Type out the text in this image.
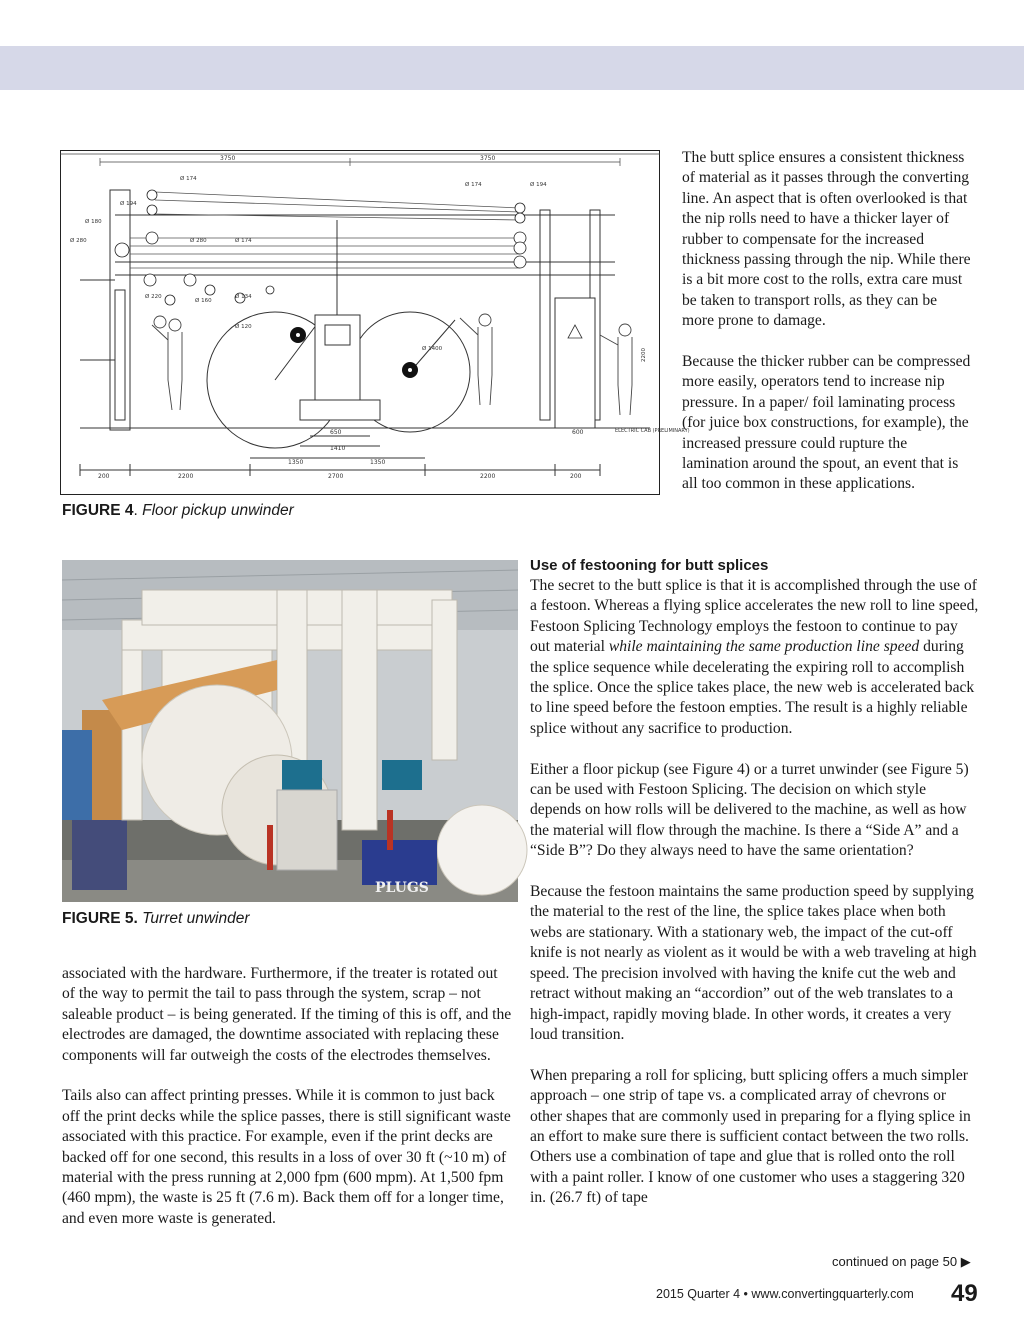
3750	3750
Ø 174
Ø 194
Ø 180
Ø 280
Ø 174	Ø 194
Ø 280	Ø 174
Ø 220
Ø 160
Ø 134
Ø 120
Ø 1400
ELECTRIC CAB (PRELIMINARY)
2200
200	2200	2700	2200	200
1350	1350
650
1410
600
FIGURE 4. Floor pickup unwinder

The butt splice ensures a consistent thickness of material as it passes through the converting line. An aspect that is often overlooked is that the nip rolls need to have a thicker layer of rubber to compensate for the increased thickness passing through the nip. While there is a bit more cost to the rolls, extra care must be taken to transport rolls, as they can be more prone to damage.

Because the thicker rubber can be compressed more easily, operators tend to increase nip pressure. In a paper/ foil laminating process (for juice box constructions, for example), the increased pressure could rupture the lamination around the spout, an event that is all too common in these applications.

PLUGS
FIGURE 5. Turret unwinder

Use of festooning for butt splices

The secret to the butt splice is that it is accomplished through the use of a festoon. Whereas a flying splice accelerates the new roll to line speed, Festoon Splicing Technology employs the festoon to continue to pay out material while maintaining the same production line speed during the splice sequence while decelerating the expiring roll to accomplish the splice. Once the splice takes place, the new web is accelerated back to line speed before the festoon empties. The result is a highly reliable splice without any sacrifice to production.

Either a floor pickup (see Figure 4) or a turret unwinder (see Figure 5) can be used with Festoon Splicing. The decision on which style depends on how rolls will be delivered to the machine, as well as how the material will flow through the machine. Is there a “Side A” and a “Side B”? Do they always need to have the same orientation?

Because the festoon maintains the same production speed by supplying the material to the rest of the line, the splice takes place when both webs are stationary. With a stationary web, the impact of the cut-off knife is not nearly as violent as it would be with a web traveling at high speed. The precision involved with having the knife cut the web and retract without making an “accordion” out of the web translates to a high-impact, rapidly moving blade. In other words, it creates a very loud transition.

When preparing a roll for splicing, butt splicing offers a much simpler approach – one strip of tape vs. a complicated array of chevrons or other shapes that are commonly used in preparing for a flying splice in an effort to make sure there is sufficient contact between the two rolls. Others use a combination of tape and glue that is rolled onto the roll with a paint roller. I know of one customer who uses a staggering 320 in. (26.7 ft) of tape

associated with the hardware. Furthermore, if the treater is rotated out of the way to permit the tail to pass through the system, scrap – not saleable product – is being generated. If the timing of this is off, and the electrodes are damaged, the downtime associated with replacing these components will far outweigh the costs of the electrodes themselves.

Tails also can affect printing presses. While it is common to just back off the print decks while the splice passes, there is still significant waste associated with this practice. For example, even if the print decks are backed off for one second, this results in a loss of over 30 ft (~10 m) of material with the press running at 2,000 fpm (600 mpm). At 1,500 fpm (460 mpm), the waste is 25 ft (7.6 m). Back them off for a longer time, and even more waste is generated.

continued on page 50 ▶
2015 Quarter 4 • www.convertingquarterly.com 49
